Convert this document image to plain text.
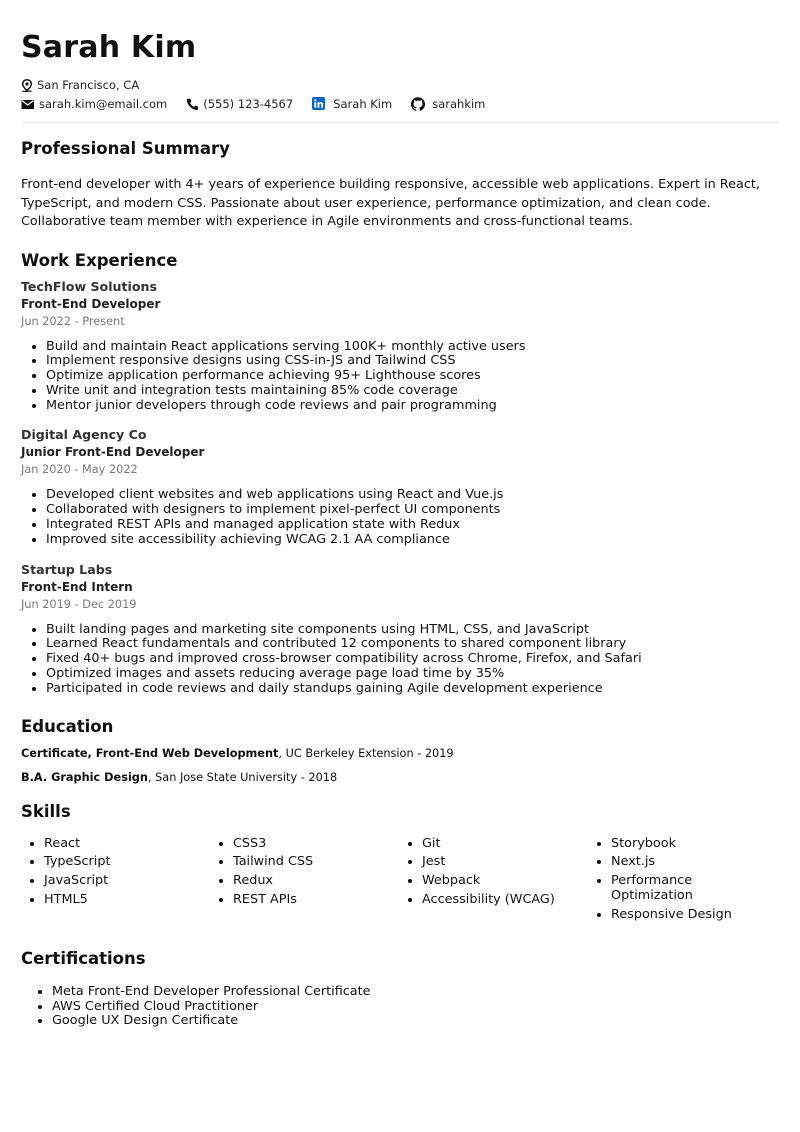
Sarah Kim
San Francisco, CA
sarah.kim@email.com	(555) 123-4567	Sarah Kim	sarahkim
Professional Summary

Front-end developer with 4+ years of experience building responsive, accessible web applications. Expert in React, TypeScript, and modern CSS. Passionate about user experience, performance optimization, and clean code. Collaborative team member with experience in Agile environments and cross-functional teams.

Work Experience
TechFlow Solutions
Front-End Developer
Jun 2022 - Present
• Build and maintain React applications serving 100K+ monthly active users
• Implement responsive designs using CSS-in-JS and Tailwind CSS
• Optimize application performance achieving 95+ Lighthouse scores
• Write unit and integration tests maintaining 85% code coverage
• Mentor junior developers through code reviews and pair programming
Digital Agency Co
Junior Front-End Developer
Jan 2020 - May 2022
• Developed client websites and web applications using React and Vue.js
• Collaborated with designers to implement pixel-perfect UI components
• Integrated REST APIs and managed application state with Redux
• Improved site accessibility achieving WCAG 2.1 AA compliance
Startup Labs
Front-End Intern
Jun 2019 - Dec 2019
• Built landing pages and marketing site components using HTML, CSS, and JavaScript
• Learned React fundamentals and contributed 12 components to shared component library
• Fixed 40+ bugs and improved cross-browser compatibility across Chrome, Firefox, and Safari
• Optimized images and assets reducing average page load time by 35%
• Participated in code reviews and daily standups gaining Agile development experience
Education
Certificate, Front-End Web Development, UC Berkeley Extension - 2019
B.A. Graphic Design, San Jose State University - 2018
Skills
• React
• TypeScript
• JavaScript
• HTML5
• CSS3
• Tailwind CSS
• Redux
• REST APIs
• Git
• Jest
• Webpack
• Accessibility (WCAG)
• Storybook
• Next.js
• Performance Optimization
• Responsive Design
Certifications
• Meta Front-End Developer Professional Certificate
• AWS Certified Cloud Practitioner
• Google UX Design Certificate
